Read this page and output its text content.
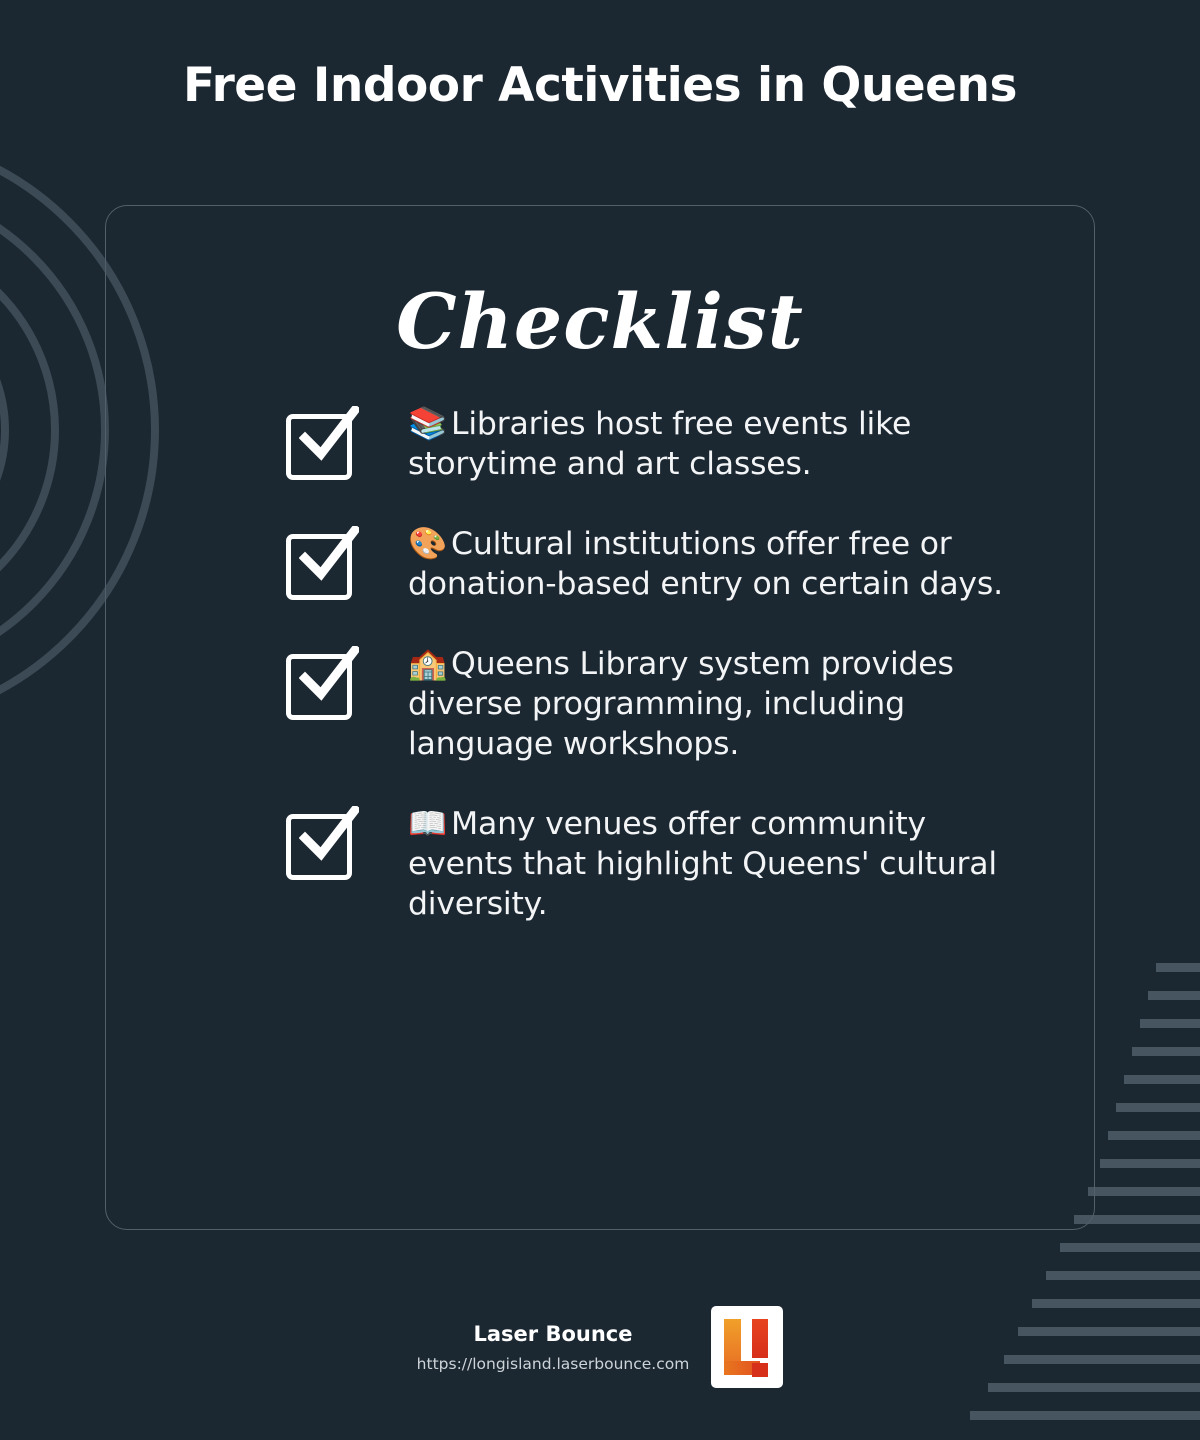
Free Indoor Activities in Queens
Checklist
📚 Libraries host free events like storytime and art classes.
🎨 Cultural institutions offer free or donation-based entry on certain days.
🏫 Queens Library system provides diverse programming, including language workshops.
📖 Many venues offer community events that highlight Queens' cultural diversity.
Laser Bounce
https://longisland.laserbounce.com
